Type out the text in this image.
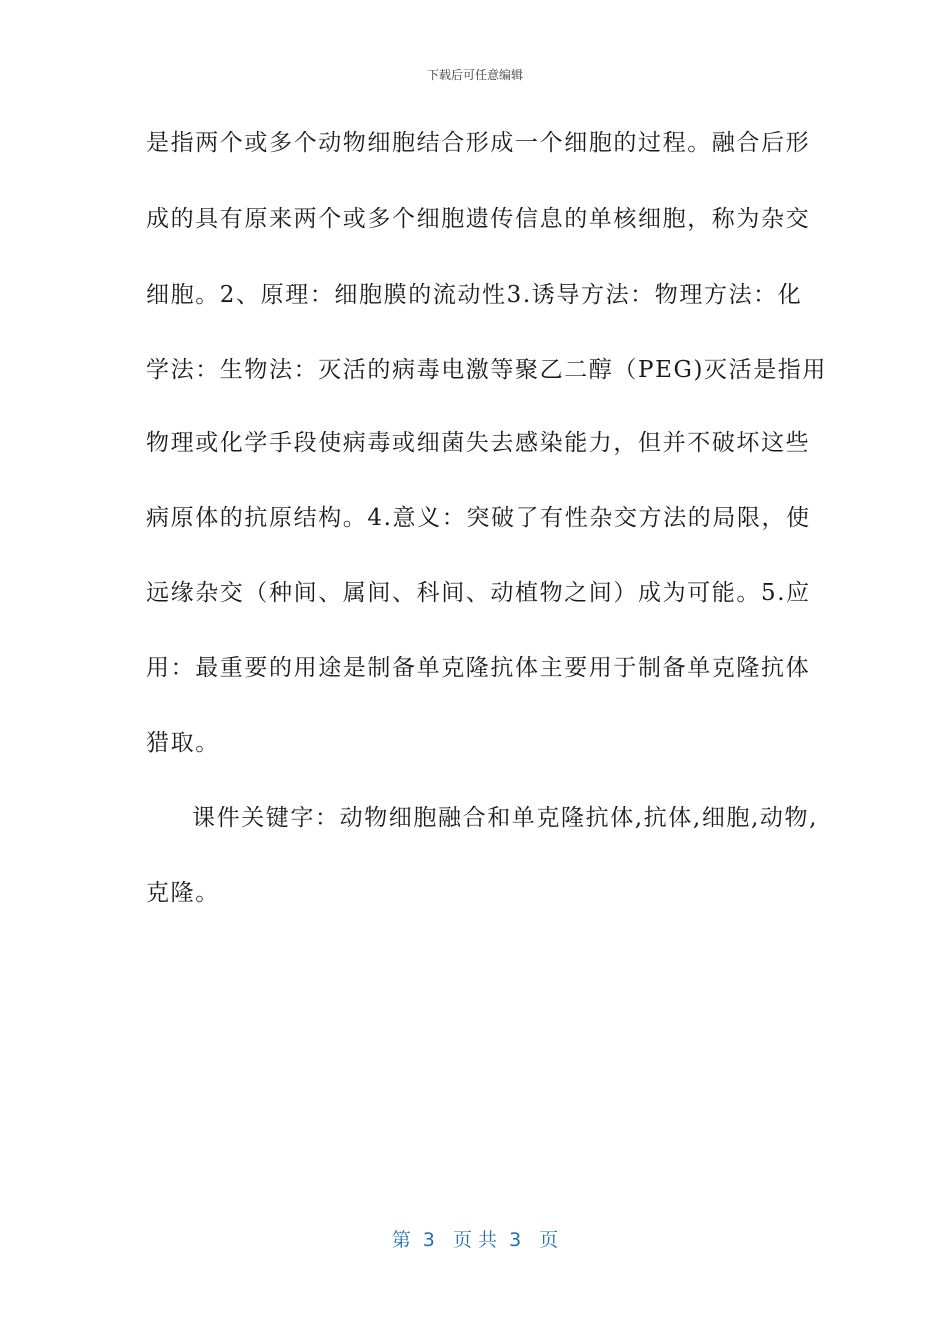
下载后可任意编辑
是指两个或多个动物细胞结合形成一个细胞的过程。融合后形
成的具有原来两个或多个细胞遗传信息的单核细胞，称为杂交
细胞。2、原理：细胞膜的流动性3.诱导方法：物理方法：化
学法：生物法：灭活的病毒电激等聚乙二醇（PEG)灭活是指用
物理或化学手段使病毒或细菌失去感染能力，但并不破坏这些
病原体的抗原结构。4.意义：突破了有性杂交方法的局限，使
远缘杂交（种间、属间、科间、动植物之间）成为可能。5.应
用：最重要的用途是制备单克隆抗体主要用于制备单克隆抗体
猎取。
课件关键字：动物细胞融合和单克隆抗体,抗体,细胞,动物,
克隆。
第  3   页 共  3   页
